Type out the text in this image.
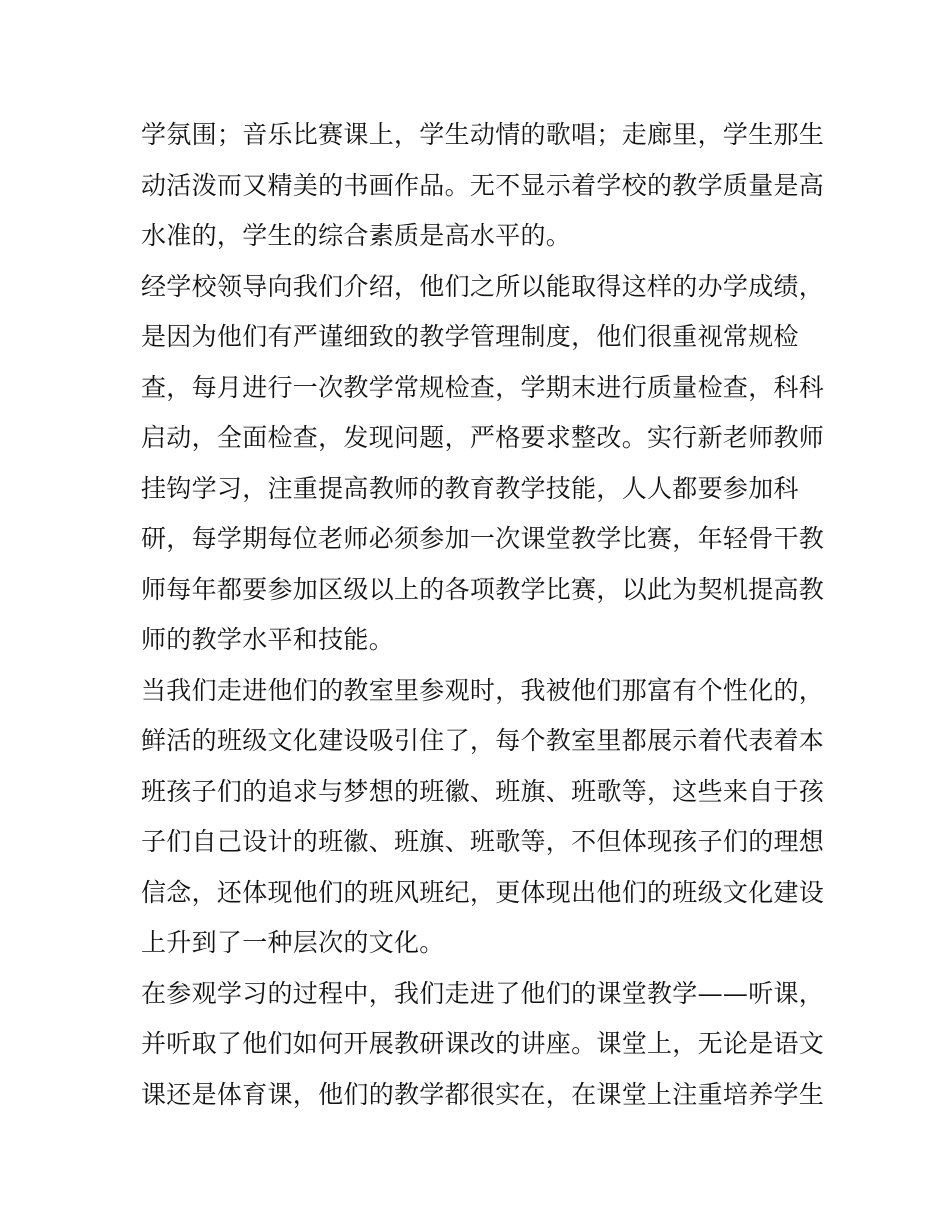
学氛围；音乐比赛课上，学生动情的歌唱；走廊里，学生那生
动活泼而又精美的书画作品。无不显示着学校的教学质量是高
水准的，学生的综合素质是高水平的。
经学校领导向我们介绍，他们之所以能取得这样的办学成绩，
是因为他们有严谨细致的教学管理制度，他们很重视常规检
查，每月进行一次教学常规检查，学期末进行质量检查，科科
启动，全面检查，发现问题，严格要求整改。实行新老师教师
挂钩学习，注重提高教师的教育教学技能，人人都要参加科
研，每学期每位老师必须参加一次课堂教学比赛，年轻骨干教
师每年都要参加区级以上的各项教学比赛，以此为契机提高教
师的教学水平和技能。
当我们走进他们的教室里参观时，我被他们那富有个性化的，
鲜活的班级文化建设吸引住了，每个教室里都展示着代表着本
班孩子们的追求与梦想的班徽、班旗、班歌等，这些来自于孩
子们自己设计的班徽、班旗、班歌等，不但体现孩子们的理想
信念，还体现他们的班风班纪，更体现出他们的班级文化建设
上升到了一种层次的文化。
在参观学习的过程中，我们走进了他们的课堂教学——听课，
并听取了他们如何开展教研课改的讲座。课堂上，无论是语文
课还是体育课，他们的教学都很实在，在课堂上注重培养学生
